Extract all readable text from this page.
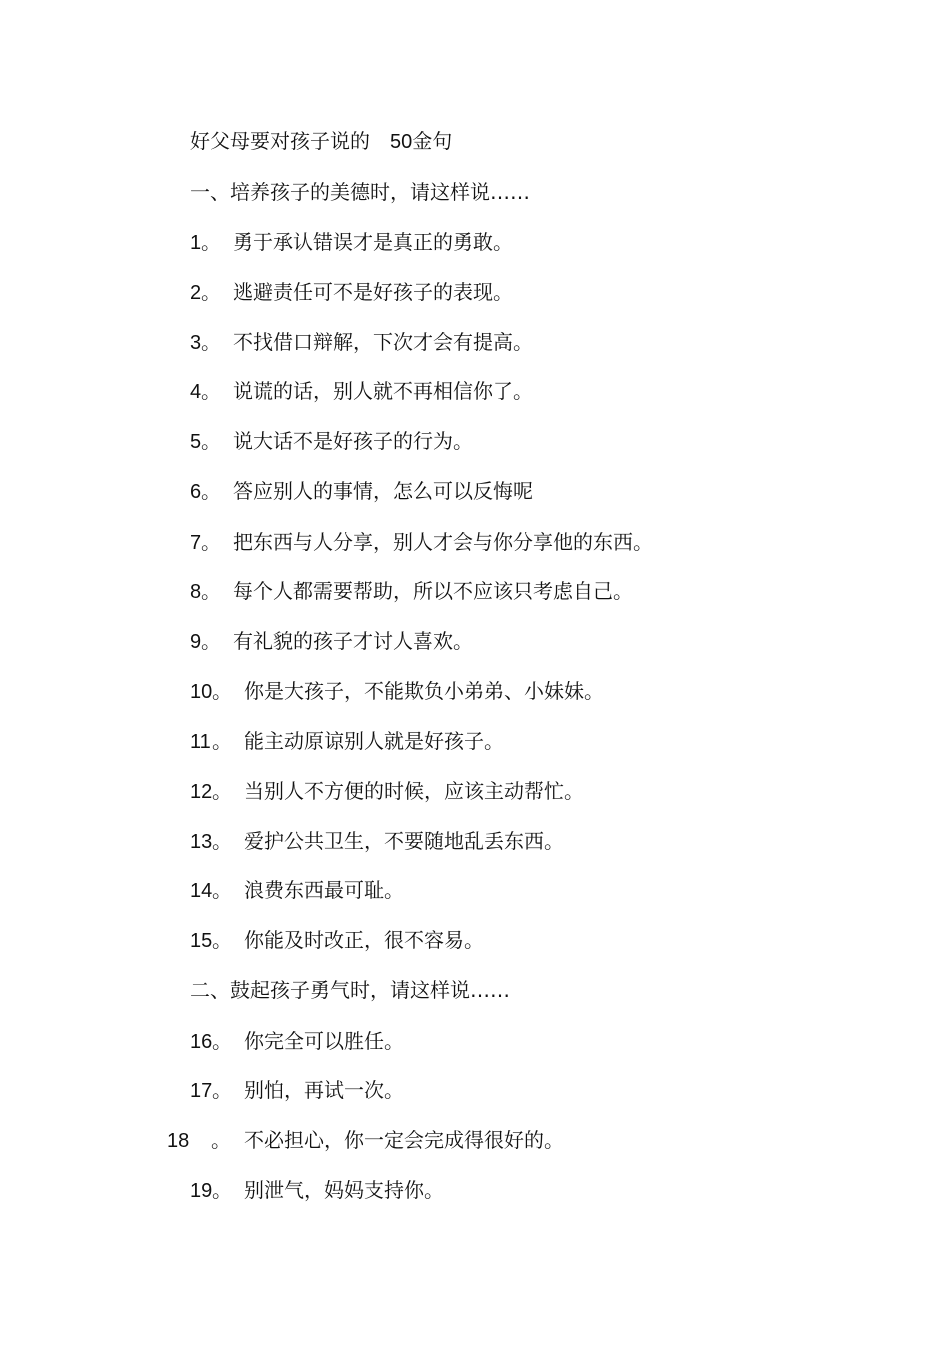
好父母要对孩子说的 50金句
一、培养孩子的美德时，请这样说……
1。 勇于承认错误才是真正的勇敢。
2。 逃避责任可不是好孩子的表现。
3。 不找借口辩解，下次才会有提高。
4。 说谎的话，别人就不再相信你了。
5。 说大话不是好孩子的行为。
6。 答应别人的事情，怎么可以反悔呢
7。 把东西与人分享，别人才会与你分享他的东西。
8。 每个人都需要帮助，所以不应该只考虑自己。
9。 有礼貌的孩子才讨人喜欢。
10。 你是大孩子，不能欺负小弟弟、小妹妹。
11。 能主动原谅别人就是好孩子。
12。 当别人不方便的时候，应该主动帮忙。
13。 爱护公共卫生，不要随地乱丢东西。
14。 浪费东西最可耻。
15。 你能及时改正，很不容易。
二、鼓起孩子勇气时，请这样说……
16。 你完全可以胜任。
17。 别怕，再试一次。
18 。 不必担心，你一定会完成得很好的。
19。 别泄气，妈妈支持你。
